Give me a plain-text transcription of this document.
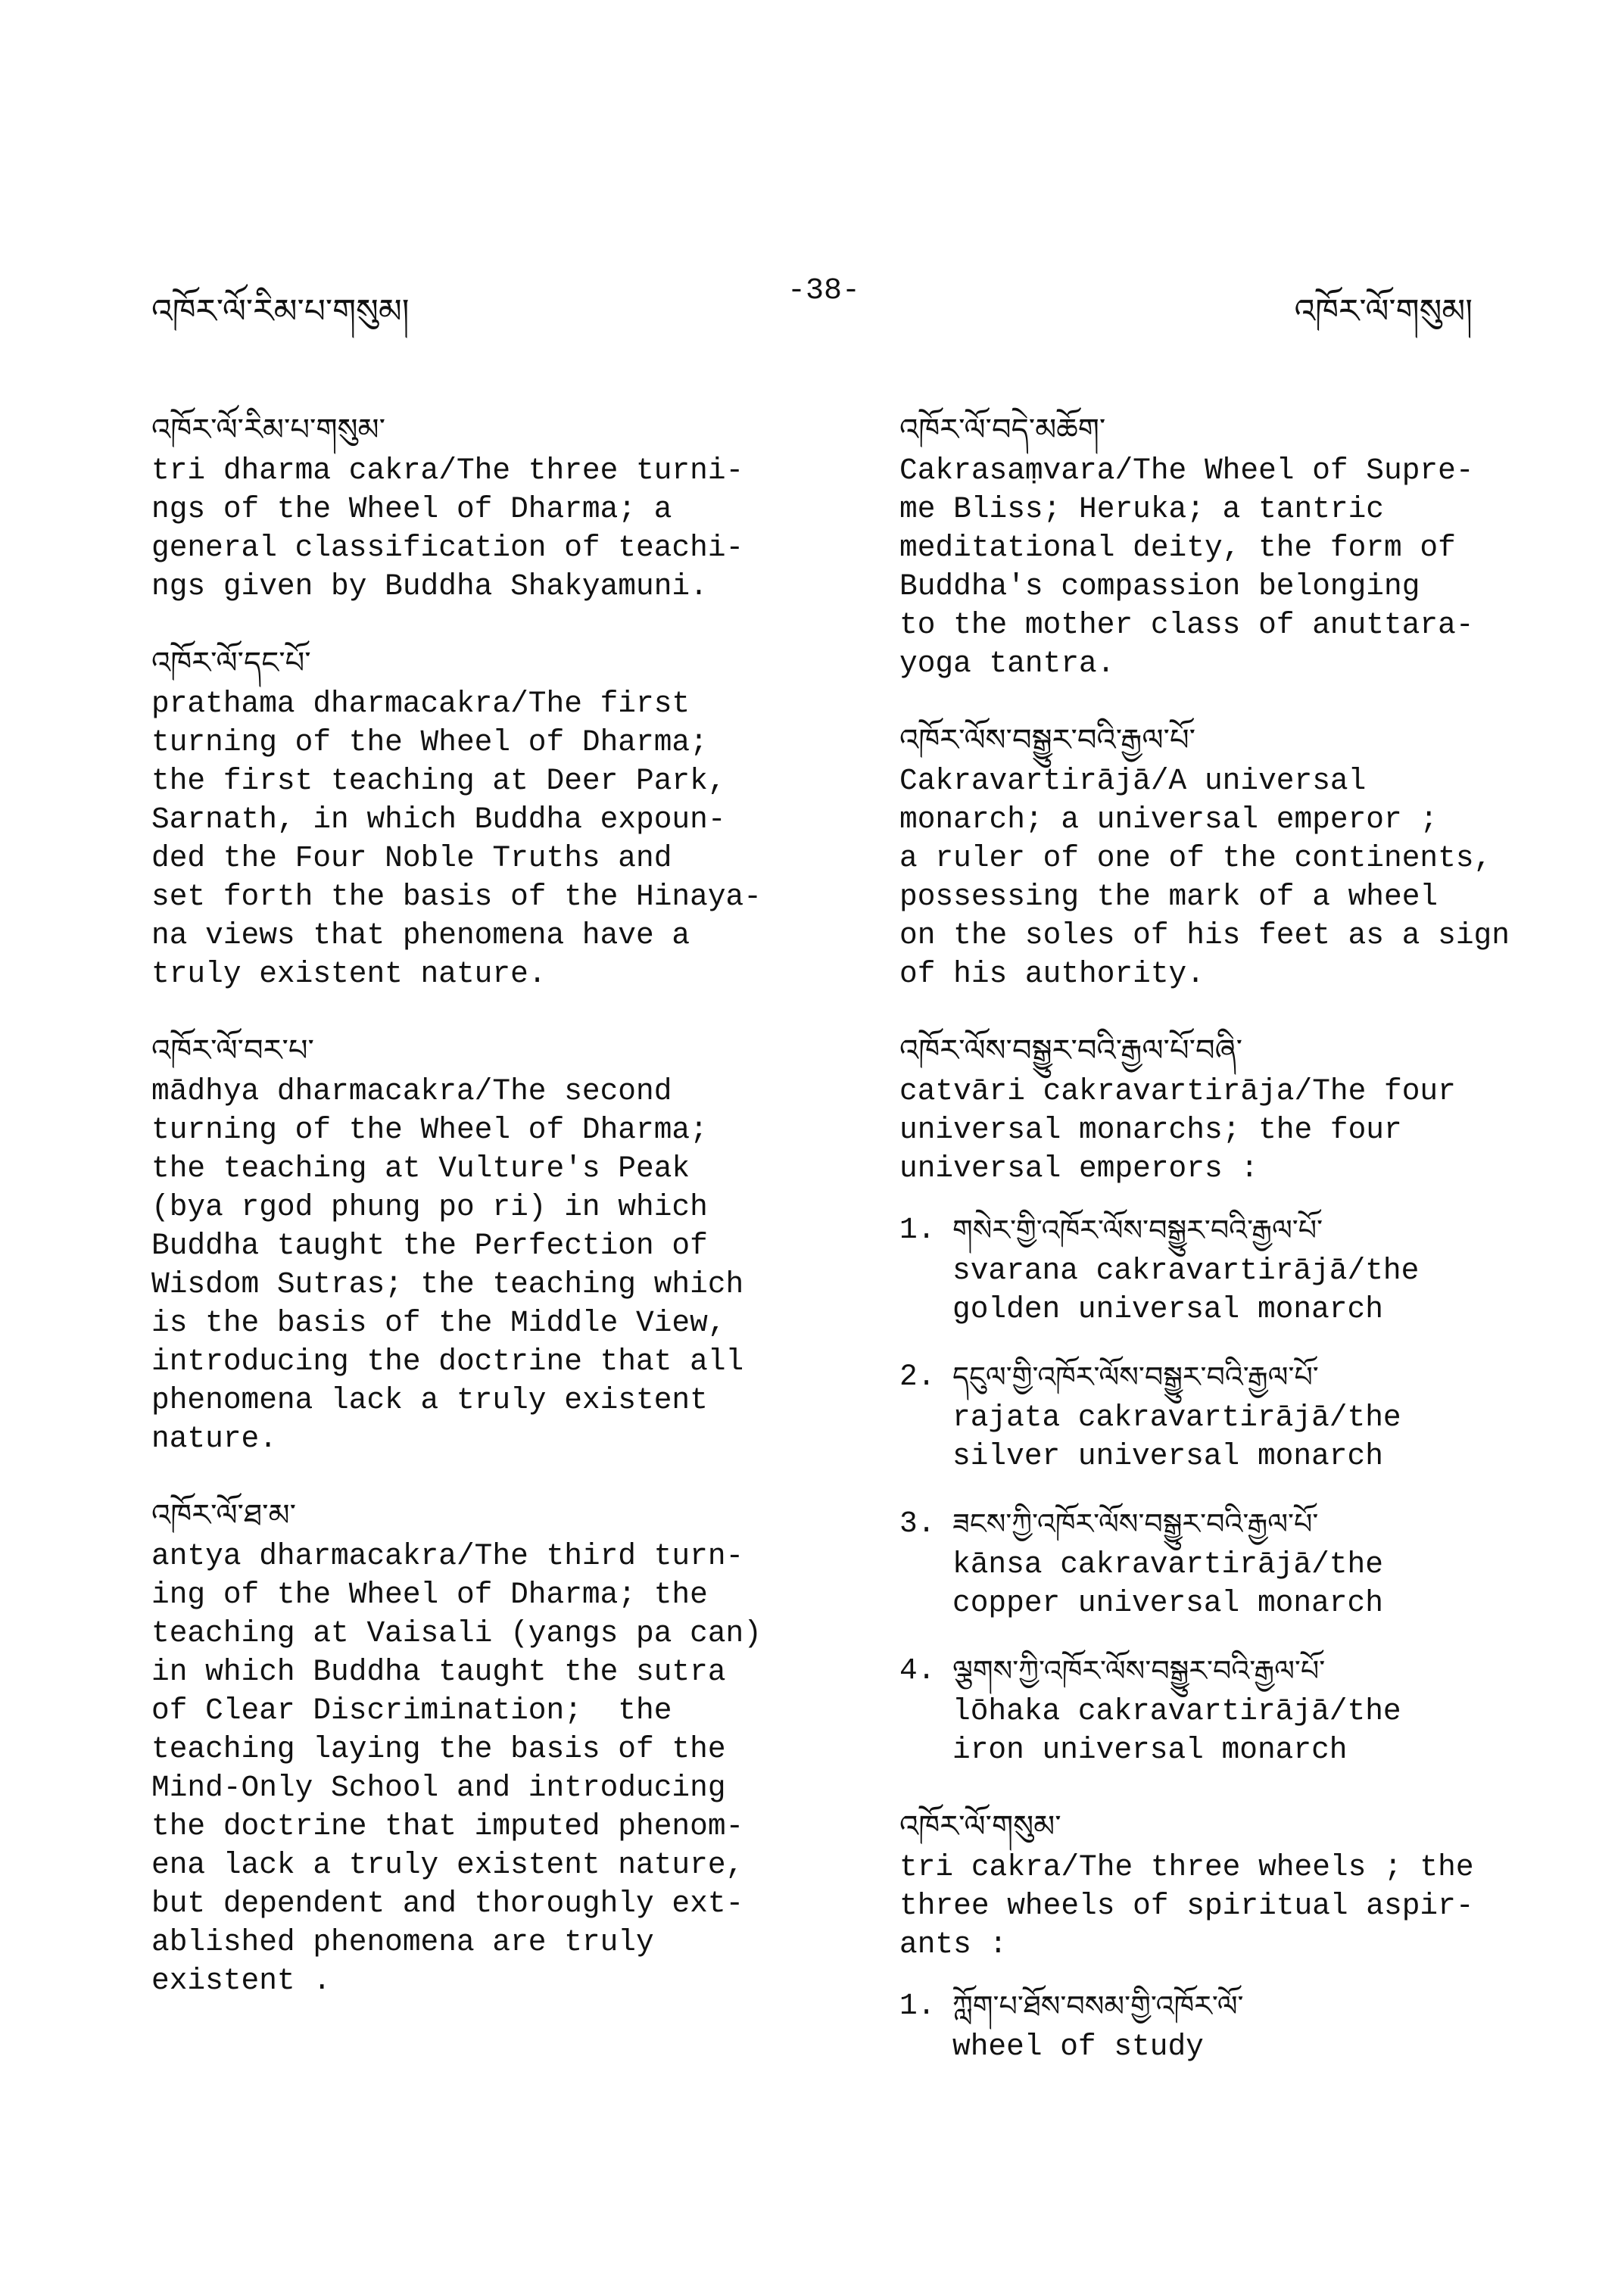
འཁོར་ལོ་རིམ་པ་གསུམ།
-38-
འཁོར་ལོ་གསུམ།
འཁོར་ལོ་རིམ་པ་གསུམ་
tri dharma cakra/The three turni-
ngs of the Wheel of Dharma; a
general classification of teachi-
ngs given by Buddha Shakyamuni.
འཁོར་ལོ་དང་པོ་
prathama dharmacakra/The first
turning of the Wheel of Dharma;
the first teaching at Deer Park,
Sarnath, in which Buddha expoun-
ded the Four Noble Truths and
set forth the basis of the Hinaya-
na views that phenomena have a
truly existent nature.
འཁོར་ལོ་བར་པ་
mādhya dharmacakra/The second
turning of the Wheel of Dharma;
the teaching at Vulture's Peak
(bya rgod phung po ri) in which
Buddha taught the Perfection of
Wisdom Sutras; the teaching which
is the basis of the Middle View,
introducing the doctrine that all
phenomena lack a truly existent
nature.
འཁོར་ལོ་ཐ་མ་
antya dharmacakra/The third turn-
ing of the Wheel of Dharma; the
teaching at Vaisali (yangs pa can)
in which Buddha taught the sutra
of Clear Discrimination;  the
teaching laying the basis of the
Mind-Only School and introducing
the doctrine that imputed phenom-
ena lack a truly existent nature,
but dependent and thoroughly ext-
ablished phenomena are truly
existent .
འཁོར་ལོ་བདེ་མཆོག་
Cakrasaṃvara/The Wheel of Supre-
me Bliss; Heruka; a tantric
meditational deity, the form of
Buddha's compassion belonging
to the mother class of anuttara-
yoga tantra.
འཁོར་ལོས་བསྒྱུར་བའི་རྒྱལ་པོ་
Cakravartirājā/A universal
monarch; a universal emperor ;
a ruler of one of the continents,
possessing the mark of a wheel
on the soles of his feet as a sign
of his authority.
འཁོར་ལོས་བསྒྱུར་བའི་རྒྱལ་པོ་བཞི་
catvāri cakravartirāja/The four
universal monarchs; the four
universal emperors :
1. གསེར་གྱི་འཁོར་ལོས་བསྒྱུར་བའི་རྒྱལ་པོ་
svarana cakravartirājā/the
golden universal monarch
2. དངུལ་གྱི་འཁོར་ལོས་བསྒྱུར་བའི་རྒྱལ་པོ་
rajata cakravartirājā/the
silver universal monarch
3. ཟངས་ཀྱི་འཁོར་ལོས་བསྒྱུར་བའི་རྒྱལ་པོ་
kānsa cakravartirājā/the
copper universal monarch
4. ལྕགས་ཀྱི་འཁོར་ལོས་བསྒྱུར་བའི་རྒྱལ་པོ་
lōhaka cakravartirājā/the
iron universal monarch
འཁོར་ལོ་གསུམ་
tri cakra/The three wheels ; the
three wheels of spiritual aspir-
ants :
1. ཀློག་པ་ཐོས་བསམ་གྱི་འཁོར་ལོ་
wheel of study
